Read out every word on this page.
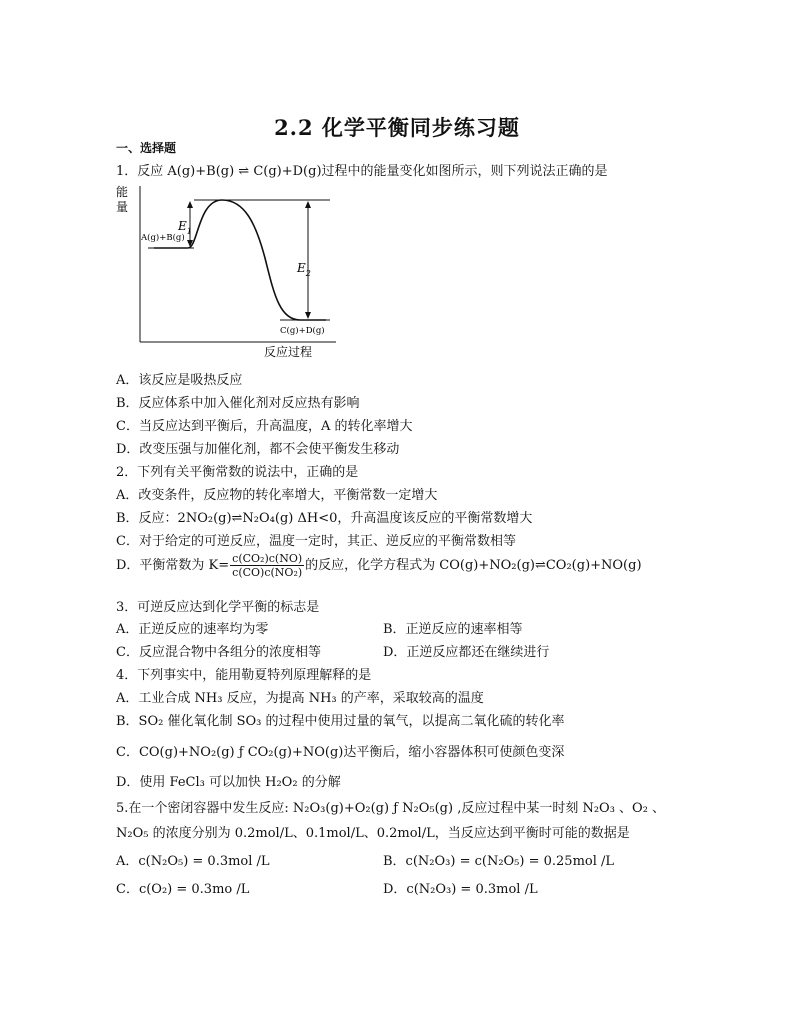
2.2 化学平衡同步练习题
一、选择题
1．反应 A(g)+B(g) ⇌ C(g)+D(g)过程中的能量变化如图所示，则下列说法正确的是
能
量
$E_1$
$E_2$
A(g)+B(g)
C(g)+D(g)
反应过程
A．该反应是吸热反应
B．反应体系中加入催化剂对反应热有影响
C．当反应达到平衡后，升高温度，A 的转化率增大
D．改变压强与加催化剂，都不会使平衡发生移动
2．下列有关平衡常数的说法中，正确的是
A．改变条件，反应物的转化率增大，平衡常数一定增大
B．反应：2NO₂(g)⇌N₂O₄(g) ΔH<0，升高温度该反应的平衡常数增大
C．对于给定的可逆反应，温度一定时，其正、逆反应的平衡常数相等
D．平衡常数为 $K= \frac{\text{c(CO₂)c(NO)}}{\text{c(CO)c(NO₂)}}$ 的反应，化学方程式为 CO(g)+NO₂(g)⇌CO₂(g)+NO(g)
3．可逆反应达到化学平衡的标志是
A．正逆反应的速率均为零	B．正逆反应的速率相等
C．反应混合物中各组分的浓度相等	D．正逆反应都还在继续进行
4．下列事实中，能用勒夏特列原理解释的是
A．工业合成 NH₃ 反应，为提高 NH₃ 的产率，采取较高的温度
B．SO₂ 催化氧化制 SO₃ 的过程中使用过量的氧气，以提高二氧化硫的转化率
C．CO(g)+NO₂(g) ƒ CO₂(g)+NO(g)达平衡后，缩小容器体积可使颜色变深
D．使用 FeCl₃ 可以加快 H₂O₂ 的分解
5.在一个密闭容器中发生反应: N₂O₃(g)+O₂(g) ƒ N₂O₅(g) ,反应过程中某一时刻 N₂O₃ 、O₂ 、
N₂O₅ 的浓度分别为 0.2mol/L、0.1mol/L、0.2mol/L，当反应达到平衡时可能的数据是
A．c(N₂O₅) = 0.3mol /L	B．c(N₂O₃) = c(N₂O₅) = 0.25mol /L
C．c(O₂) = 0.3mo /L	D．c(N₂O₃) = 0.3mol /L
